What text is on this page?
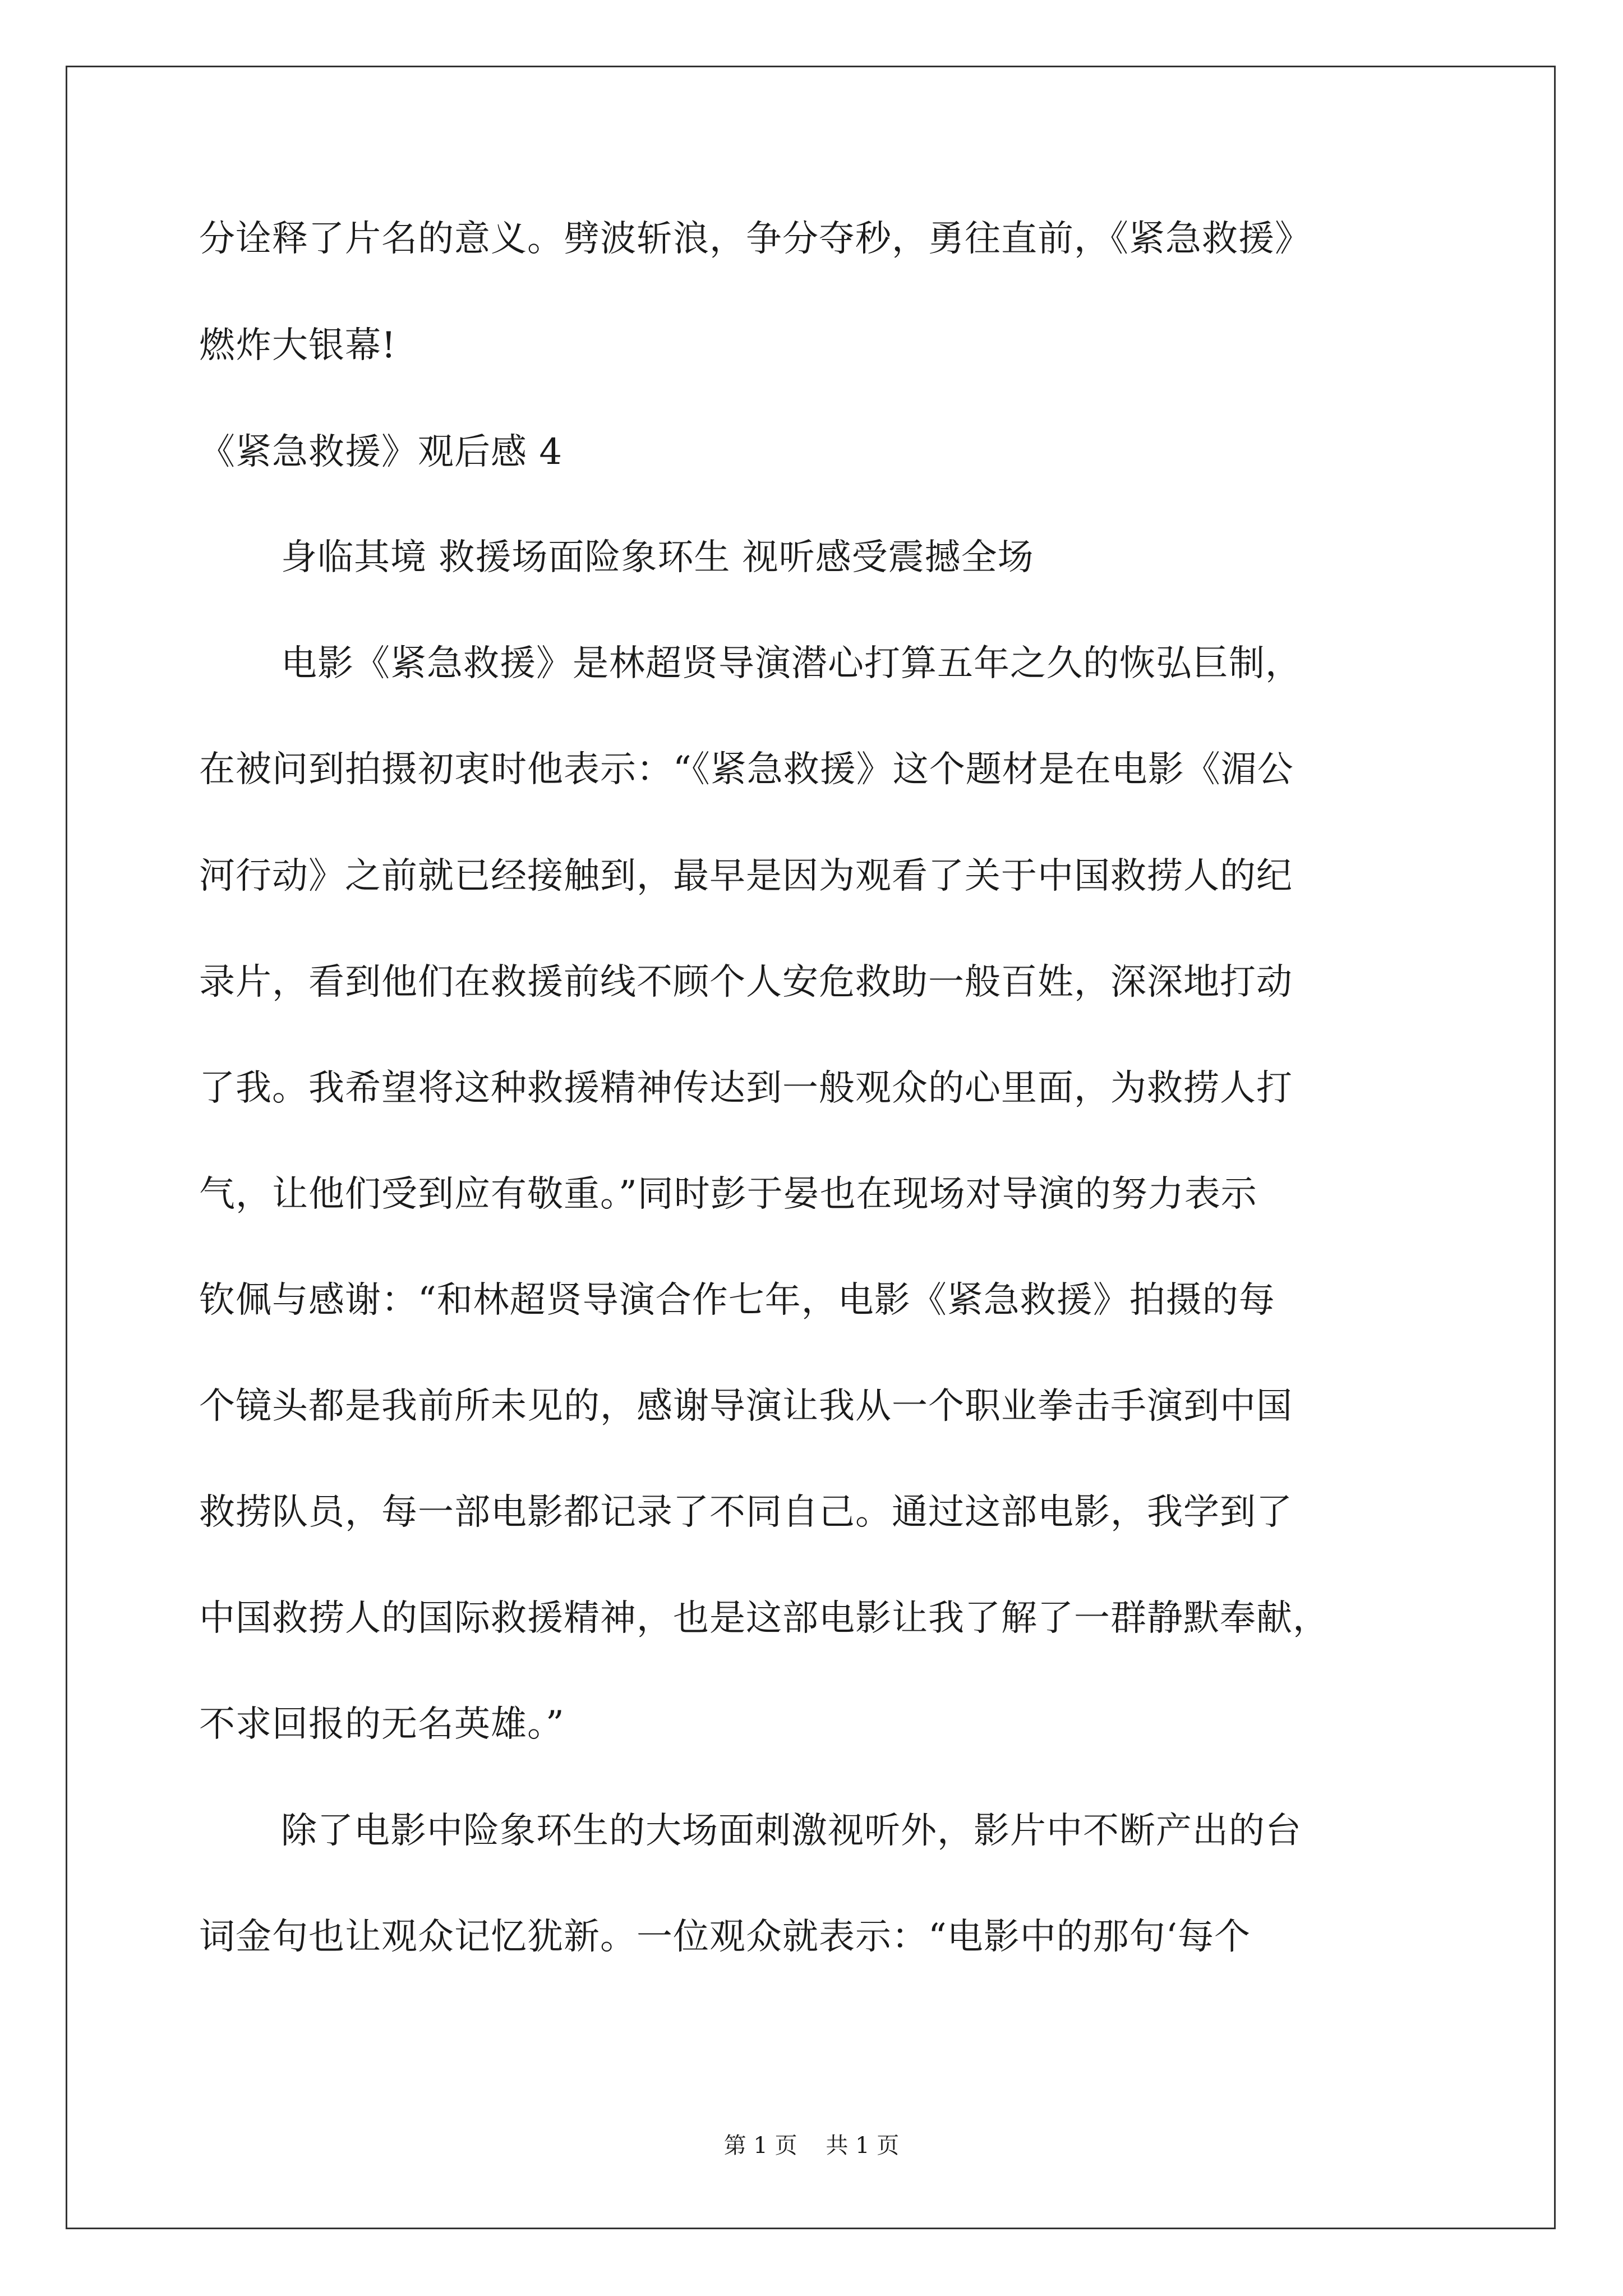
分诠释了片名的意义。劈波斩浪，争分夺秒，勇往直前，《紧急救援》
燃炸大银幕!
《紧急救援》观后感 4
身临其境 救援场面险象环生 视听感受震撼全场
电影《紧急救援》是林超贤导演潜心打算五年之久的恢弘巨制，
在被问到拍摄初衷时他表示：“《紧急救援》这个题材是在电影《湄公
河行动》之前就已经接触到，最早是因为观看了关于中国救捞人的纪
录片，看到他们在救援前线不顾个人安危救助一般百姓，深深地打动
了我。我希望将这种救援精神传达到一般观众的心里面，为救捞人打
气，让他们受到应有敬重。”同时彭于晏也在现场对导演的努力表示
钦佩与感谢：“和林超贤导演合作七年，电影《紧急救援》拍摄的每
个镜头都是我前所未见的，感谢导演让我从一个职业拳击手演到中国
救捞队员，每一部电影都记录了不同自己。通过这部电影，我学到了
中国救捞人的国际救援精神，也是这部电影让我了解了一群静默奉献，
不求回报的无名英雄。”
除了电影中险象环生的大场面刺激视听外，影片中不断产出的台
词金句也让观众记忆犹新。一位观众就表示：“电影中的那句‘每个
第 1 页    共 1 页
